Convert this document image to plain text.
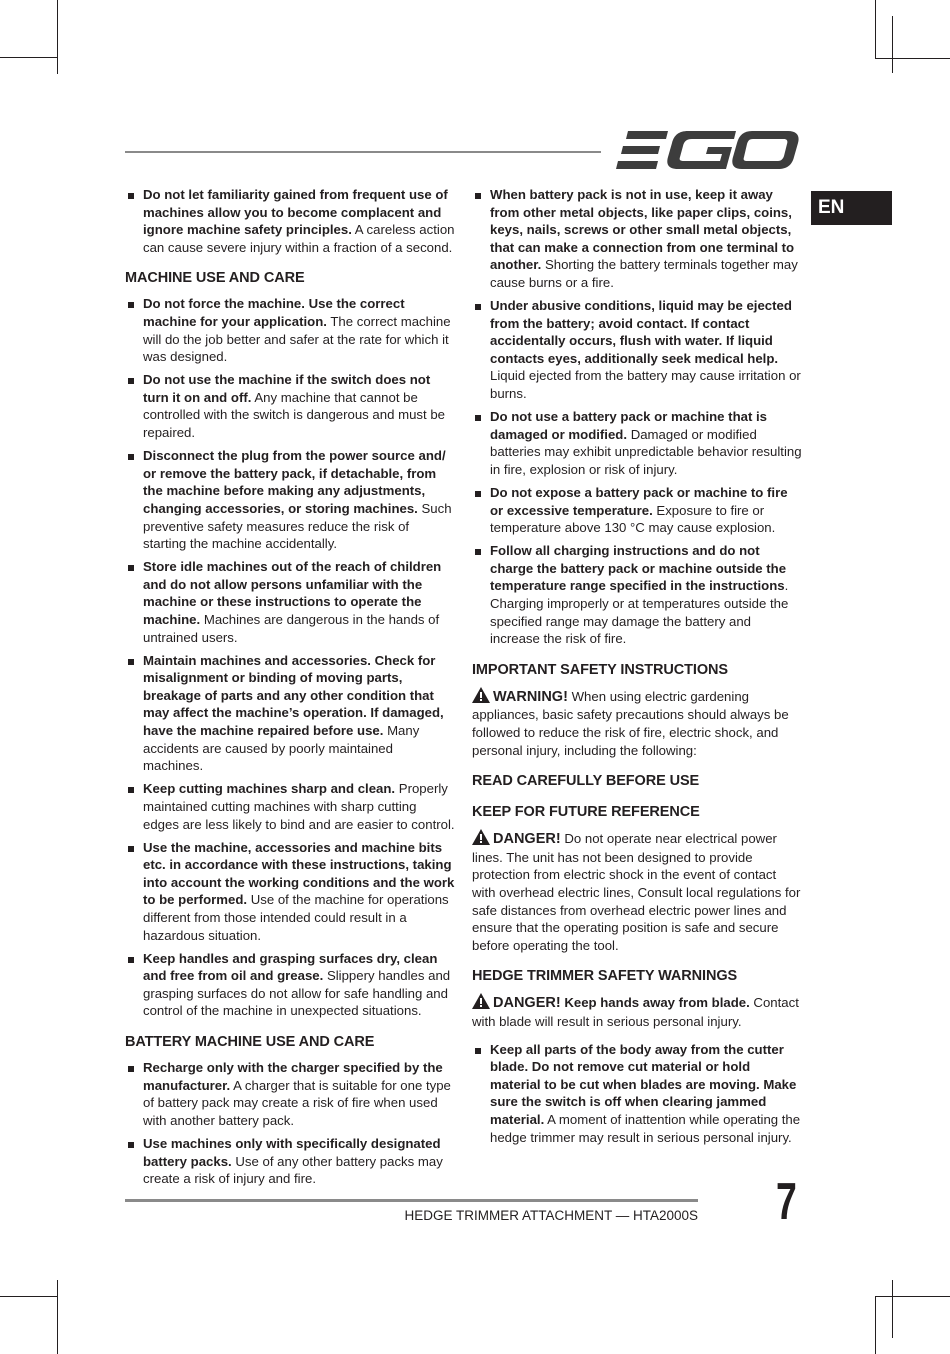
EN
Do not let familiarity gained from frequent use of machines allow you to become complacent and ignore machine safety principles. A careless action can cause severe injury within a fraction of a second.
MACHINE USE AND CARE
Do not force the machine. Use the correct machine for your application. The correct machine will do the job better and safer at the rate for which it was designed.
Do not use the machine if the switch does not turn it on and off. Any machine that cannot be controlled with the switch is dangerous and must be repaired.
Disconnect the plug from the power source and/ or remove the battery pack, if detachable, from the machine before making any adjustments, changing accessories, or storing machines. Such preventive safety measures reduce the risk of starting the machine accidentally.
Store idle machines out of the reach of children and do not allow persons unfamiliar with the machine or these instructions to operate the machine. Machines are dangerous in the hands of untrained users.
Maintain machines and accessories. Check for misalignment or binding of moving parts, breakage of parts and any other condition that may affect the machine’s operation. If damaged, have the machine repaired before use. Many accidents are caused by poorly maintained machines.
Keep cutting machines sharp and clean. Properly maintained cutting machines with sharp cutting edges are less likely to bind and are easier to control.
Use the machine, accessories and machine bits etc. in accordance with these instructions, taking into account the working conditions and the work to be performed. Use of the machine for operations different from those intended could result in a hazardous situation.
Keep handles and grasping surfaces dry, clean and free from oil and grease. Slippery handles and grasping surfaces do not allow for safe handling and control of the machine in unexpected situations.
BATTERY MACHINE USE AND CARE
Recharge only with the charger specified by the manufacturer. A charger that is suitable for one type of battery pack may create a risk of fire when used with another battery pack.
Use machines only with specifically designated battery packs. Use of any other battery packs may create a risk of injury and fire.
When battery pack is not in use, keep it away from other metal objects, like paper clips, coins, keys, nails, screws or other small metal objects, that can make a connection from one terminal to another. Shorting the battery terminals together may cause burns or a fire.
Under abusive conditions, liquid may be ejected from the battery; avoid contact. If contact accidentally occurs, flush with water. If liquid contacts eyes, additionally seek medical help. Liquid ejected from the battery may cause irritation or burns.
Do not use a battery pack or machine that is damaged or modified. Damaged or modified batteries may exhibit unpredictable behavior resulting in fire, explosion or risk of injury.
Do not expose a battery pack or machine to fire or excessive temperature. Exposure to fire or temperature above 130 °C may cause explosion.
Follow all charging instructions and do not charge the battery pack or machine outside the temperature range specified in the instructions. Charging improperly or at temperatures outside the specified range may damage the battery and increase the risk of fire.
IMPORTANT SAFETY INSTRUCTIONS
WARNING! When using electric gardening appliances, basic safety precautions should always be followed to reduce the risk of fire, electric shock, and personal injury, including the following:
READ CAREFULLY BEFORE USE
KEEP FOR FUTURE REFERENCE
DANGER! Do not operate near electrical power lines. The unit has not been designed to provide protection from electric shock in the event of contact with overhead electric lines, Consult local regulations for safe distances from overhead electric power lines and ensure that the operating position is safe and secure before operating the tool.
HEDGE TRIMMER SAFETY WARNINGS
DANGER! Keep hands away from blade. Contact with blade will result in serious personal injury.
Keep all parts of the body away from the cutter blade. Do not remove cut material or hold material to be cut when blades are moving. Make sure the switch is off when clearing jammed material. A moment of inattention while operating the hedge trimmer may result in serious personal injury.
HEDGE TRIMMER ATTACHMENT — HTA2000S 7
